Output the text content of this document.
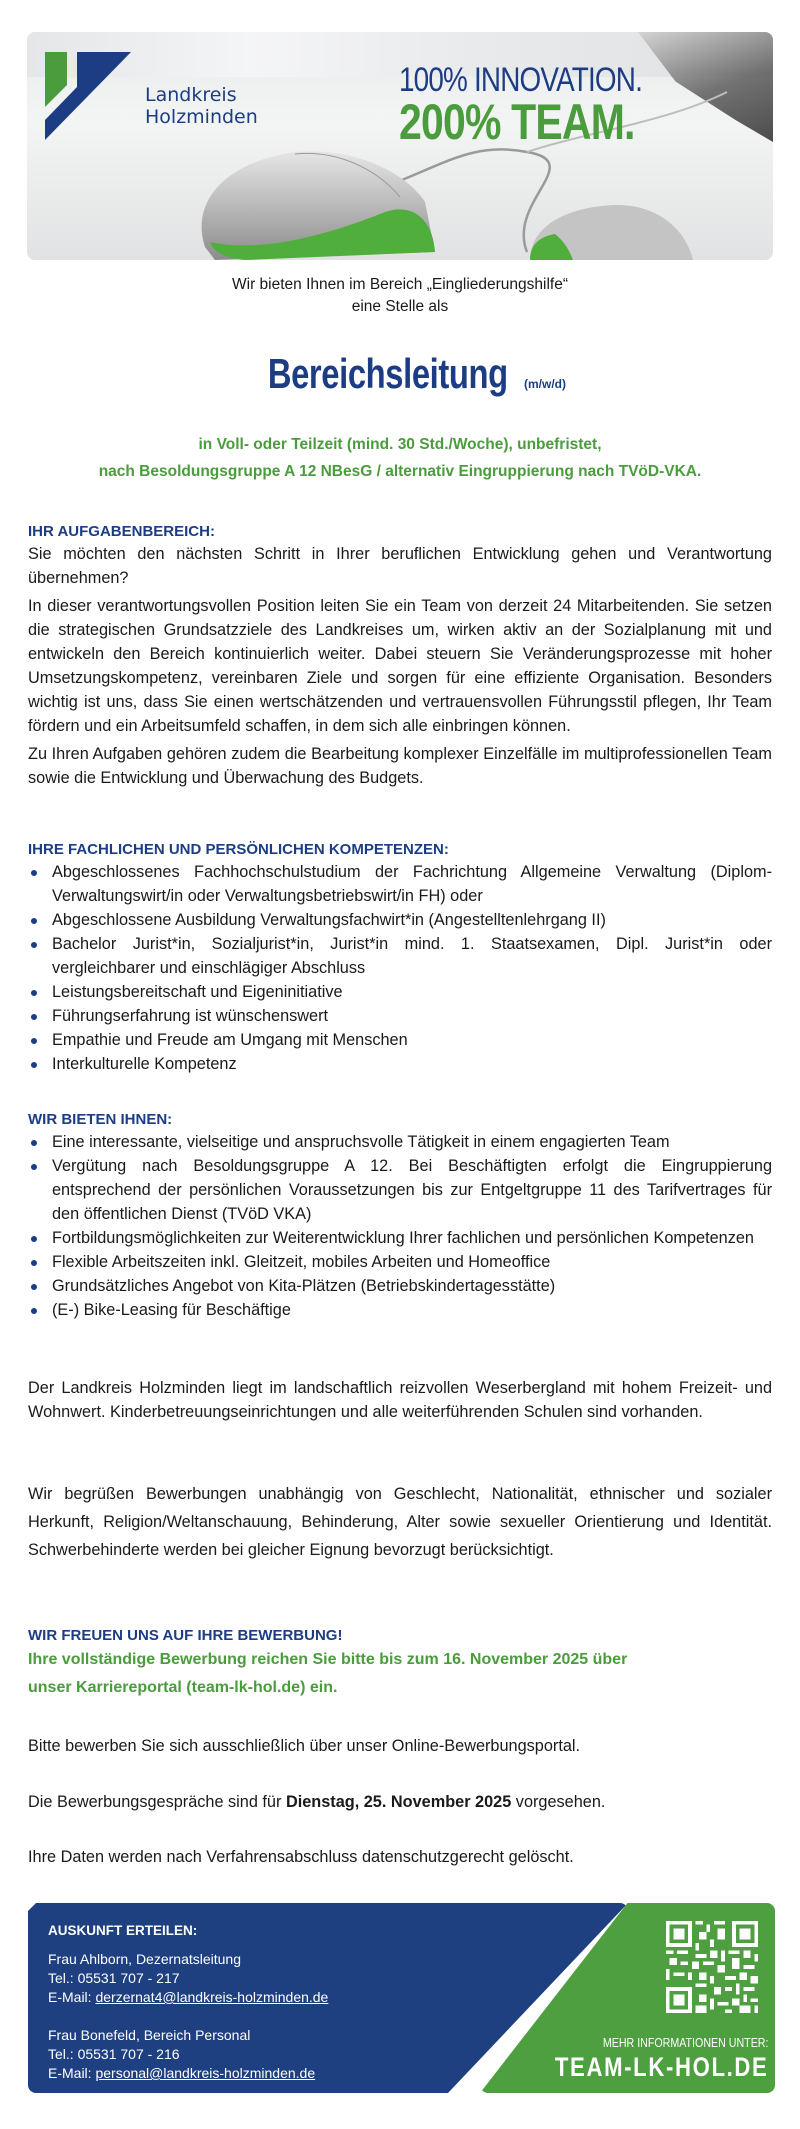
Landkreis
Holzminden
100% INNOVATION.
200% TEAM.
Wir bieten Ihnen im Bereich „Eingliederungshilfe“
eine Stelle als
Bereichsleitung (m/w/d)
in Voll- oder Teilzeit (mind. 30 Std./Woche), unbefristet,
nach Besoldungsgruppe A 12 NBesG / alternativ Eingruppierung nach TVöD-VKA.
IHR AUFGABENBEREICH:
Sie möchten den nächsten Schritt in Ihrer beruflichen Entwicklung gehen und Verantwortung übernehmen?
In dieser verantwortungsvollen Position leiten Sie ein Team von derzeit 24 Mitarbeitenden. Sie setzen die strategischen Grundsatzziele des Landkreises um, wirken aktiv an der Sozialplanung mit und entwickeln den Bereich kontinuierlich weiter. Dabei steuern Sie Veränderungsprozesse mit hoher Umsetzungskompetenz, vereinbaren Ziele und sorgen für eine effiziente Organisation. Besonders wichtig ist uns, dass Sie einen wertschätzenden und vertrauensvollen Führungsstil pflegen, Ihr Team fördern und ein Arbeitsumfeld schaffen, in dem sich alle einbringen können.
Zu Ihren Aufgaben gehören zudem die Bearbeitung komplexer Einzelfälle im multiprofessionellen Team sowie die Entwicklung und Überwachung des Budgets.
IHRE FACHLICHEN UND PERSÖNLICHEN KOMPETENZEN:
Abgeschlossenes Fachhochschulstudium der Fachrichtung Allgemeine Verwaltung (Diplom-Verwaltungswirt/in oder Verwaltungsbetriebswirt/in FH) oder
Abgeschlossene Ausbildung Verwaltungsfachwirt*in (Angestelltenlehrgang II)
Bachelor Jurist*in, Sozialjurist*in, Jurist*in mind. 1. Staatsexamen, Dipl. Jurist*in oder vergleichbarer und einschlägiger Abschluss
Leistungsbereitschaft und Eigeninitiative
Führungserfahrung ist wünschenswert
Empathie und Freude am Umgang mit Menschen
Interkulturelle Kompetenz
WIR BIETEN IHNEN:
Eine interessante, vielseitige und anspruchsvolle Tätigkeit in einem engagierten Team
Vergütung nach Besoldungsgruppe A 12. Bei Beschäftigten erfolgt die Eingruppierung entsprechend der persönlichen Voraussetzungen bis zur Entgeltgruppe 11 des Tarifvertrages für den öffentlichen Dienst (TVöD VKA)
Fortbildungsmöglichkeiten zur Weiterentwicklung Ihrer fachlichen und persönlichen Kompetenzen
Flexible Arbeitszeiten inkl. Gleitzeit, mobiles Arbeiten und Homeoffice
Grundsätzliches Angebot von Kita-Plätzen (Betriebskindertagesstätte)
(E-) Bike-Leasing für Beschäftige
Der Landkreis Holzminden liegt im landschaftlich reizvollen Weserbergland mit hohem Freizeit- und Wohnwert. Kinderbetreuungseinrichtungen und alle weiterführenden Schulen sind vorhanden.
Wir begrüßen Bewerbungen unabhängig von Geschlecht, Nationalität, ethnischer und sozialer Herkunft, Religion/Weltanschauung, Behinderung, Alter sowie sexueller Orientierung und Identität. Schwerbehinderte werden bei gleicher Eignung bevorzugt berücksichtigt.
WIR FREUEN UNS AUF IHRE BEWERBUNG!
Ihre vollständige Bewerbung reichen Sie bitte bis zum 16. November 2025 über
unser Karriereportal (team-lk-hol.de) ein.
Bitte bewerben Sie sich ausschließlich über unser Online-Bewerbungsportal.
Die Bewerbungsgespräche sind für Dienstag, 25. November 2025 vorgesehen.
Ihre Daten werden nach Verfahrensabschluss datenschutzgerecht gelöscht.
AUSKUNFT ERTEILEN:
Frau Ahlborn, Dezernatsleitung
Tel.: 05531 707 - 217
E-Mail: derzernat4@landkreis-holzminden.de
Frau Bonefeld, Bereich Personal
Tel.: 05531 707 - 216
E-Mail: personal@landkreis-holzminden.de
MEHR INFORMATIONEN UNTER:
TEAM-LK-HOL.DE
